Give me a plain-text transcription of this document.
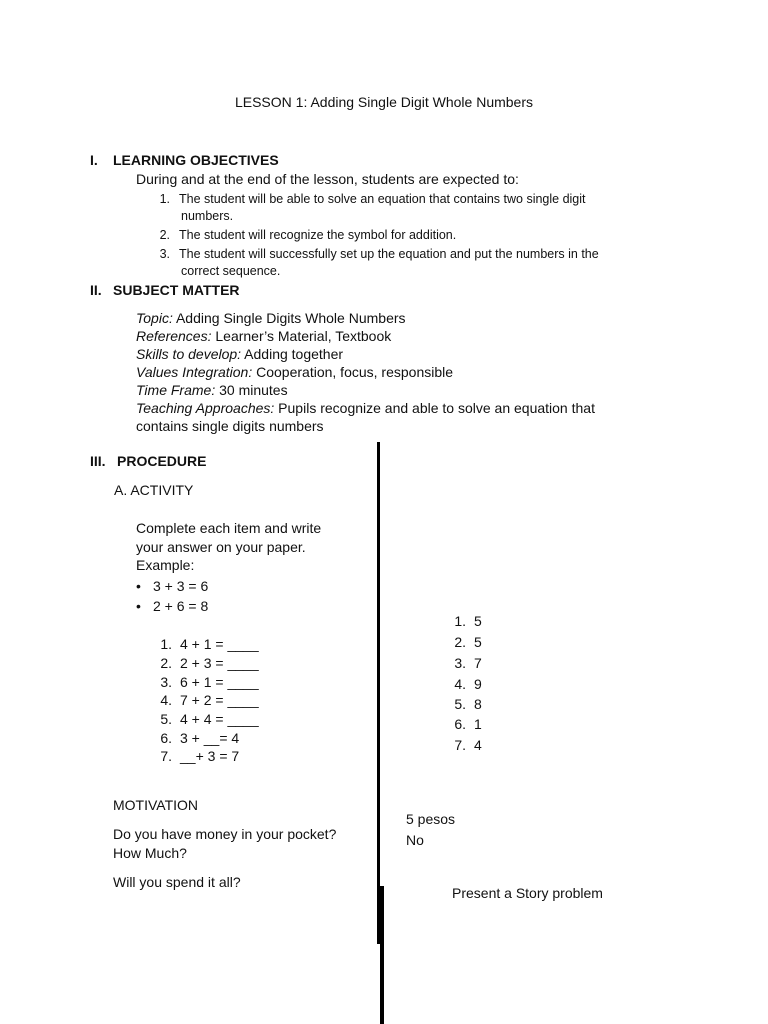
LESSON 1: Adding Single Digit Whole Numbers
I. LEARNING OBJECTIVES
During and at the end of the lesson, students are expected to:
1. The student will be able to solve an equation that contains two single digit
numbers.
2. The student will recognize the symbol for addition.
3. The student will successfully set up the equation and put the numbers in the
correct sequence.
II. SUBJECT MATTER
Topic: Adding Single Digits Whole Numbers
References: Learner’s Material, Textbook
Skills to develop: Adding together
Values Integration: Cooperation, focus, responsible
Time Frame: 30 minutes
Teaching Approaches: Pupils recognize and able to solve an equation that
contains single digits numbers
III. PROCEDURE
A. ACTIVITY
Complete each item and write
your answer on your paper.
Example:
• 3 + 3 = 6
• 2 + 6 = 8
1. 4 + 1 = ____
2. 2 + 3 = ____
3. 6 + 1 = ____
4. 7 + 2 = ____
5. 4 + 4 = ____
6. 3 + __= 4
7. __+ 3 = 7
1. 5
2. 5
3. 7
4. 9
5. 8
6. 1
7. 4
MOTIVATION
Do you have money in your pocket?
How Much?
Will you spend it all?
5 pesos
No
Present a Story problem
